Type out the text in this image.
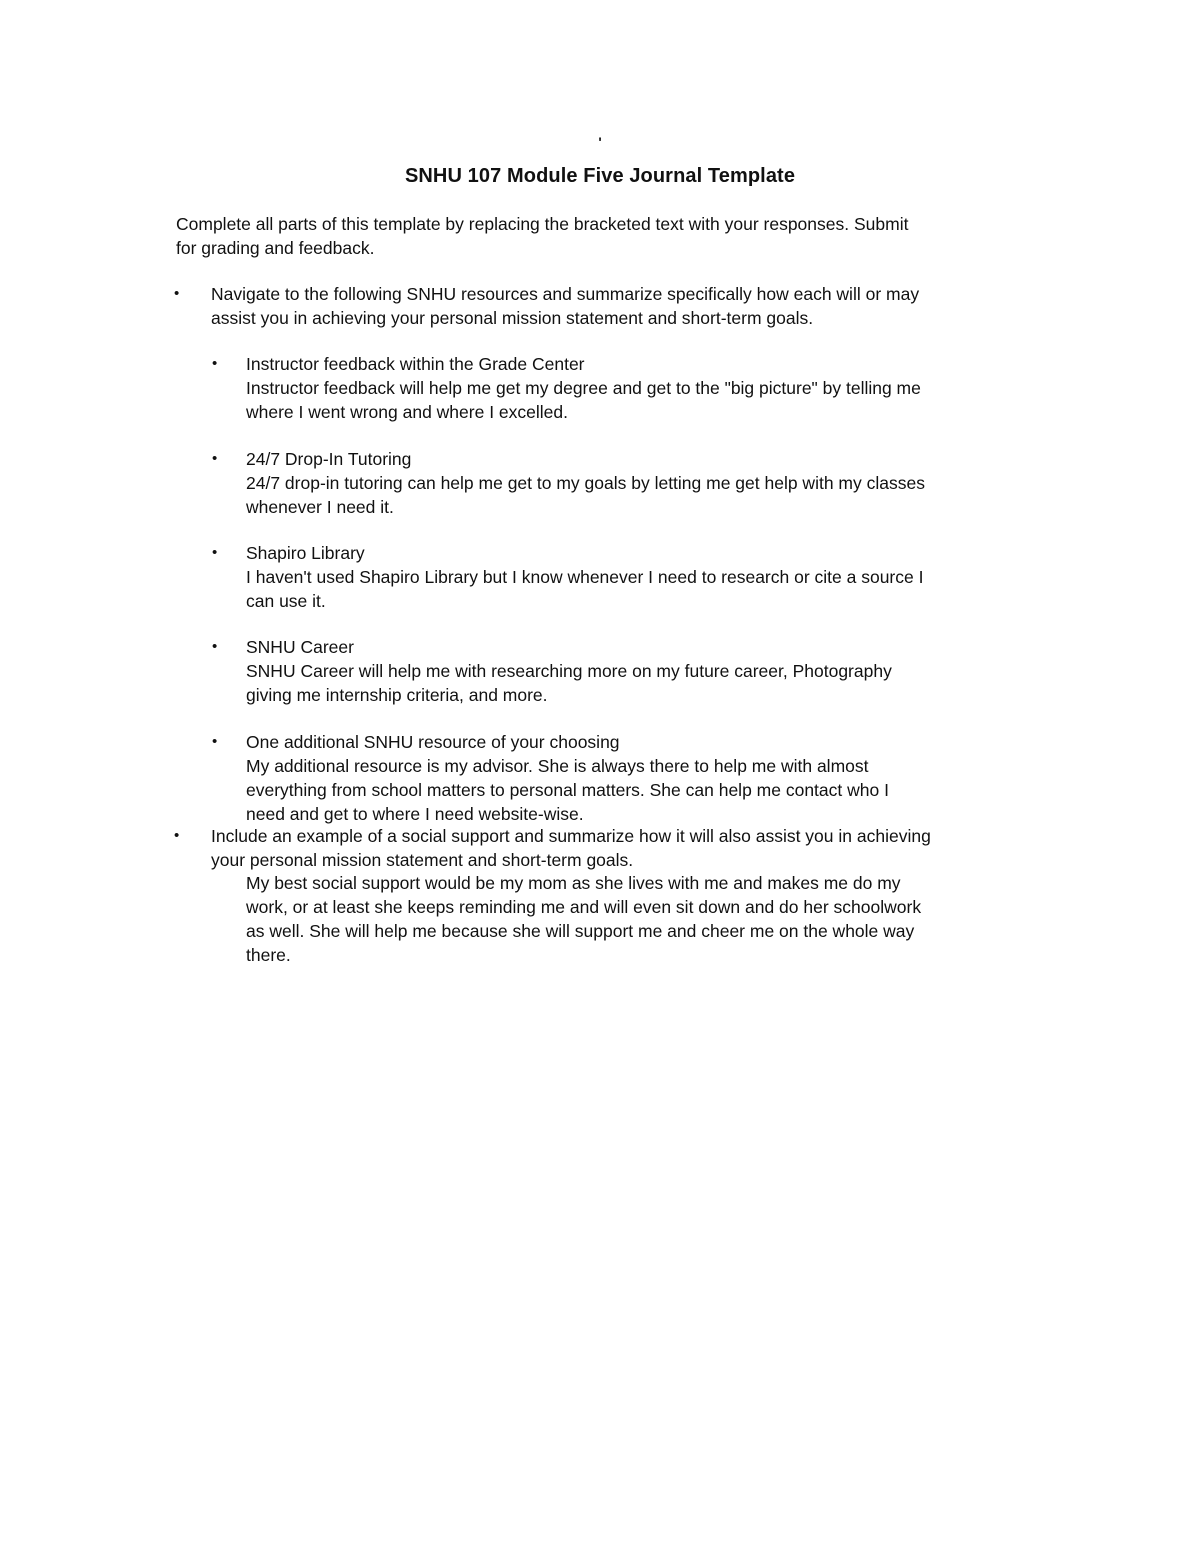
'
SNHU 107 Module Five Journal Template
Complete all parts of this template by replacing the bracketed text with your responses. Submit
for grading and feedback.
• Navigate to the following SNHU resources and summarize specifically how each will or may
assist you in achieving your personal mission statement and short-term goals.
• Instructor feedback within the Grade Center
Instructor feedback will help me get my degree and get to the "big picture" by telling me
where I went wrong and where I excelled.
• 24/7 Drop-In Tutoring
24/7 drop-in tutoring can help me get to my goals by letting me get help with my classes
whenever I need it.
• Shapiro Library
I haven't used Shapiro Library but I know whenever I need to research or cite a source I
can use it.
• SNHU Career
SNHU Career will help me with researching more on my future career, Photography
giving me internship criteria, and more.
• One additional SNHU resource of your choosing
My additional resource is my advisor. She is always there to help me with almost
everything from school matters to personal matters. She can help me contact who I
need and get to where I need website-wise.
• Include an example of a social support and summarize how it will also assist you in achieving
your personal mission statement and short-term goals.
My best social support would be my mom as she lives with me and makes me do my
work, or at least she keeps reminding me and will even sit down and do her schoolwork
as well. She will help me because she will support me and cheer me on the whole way
there.
